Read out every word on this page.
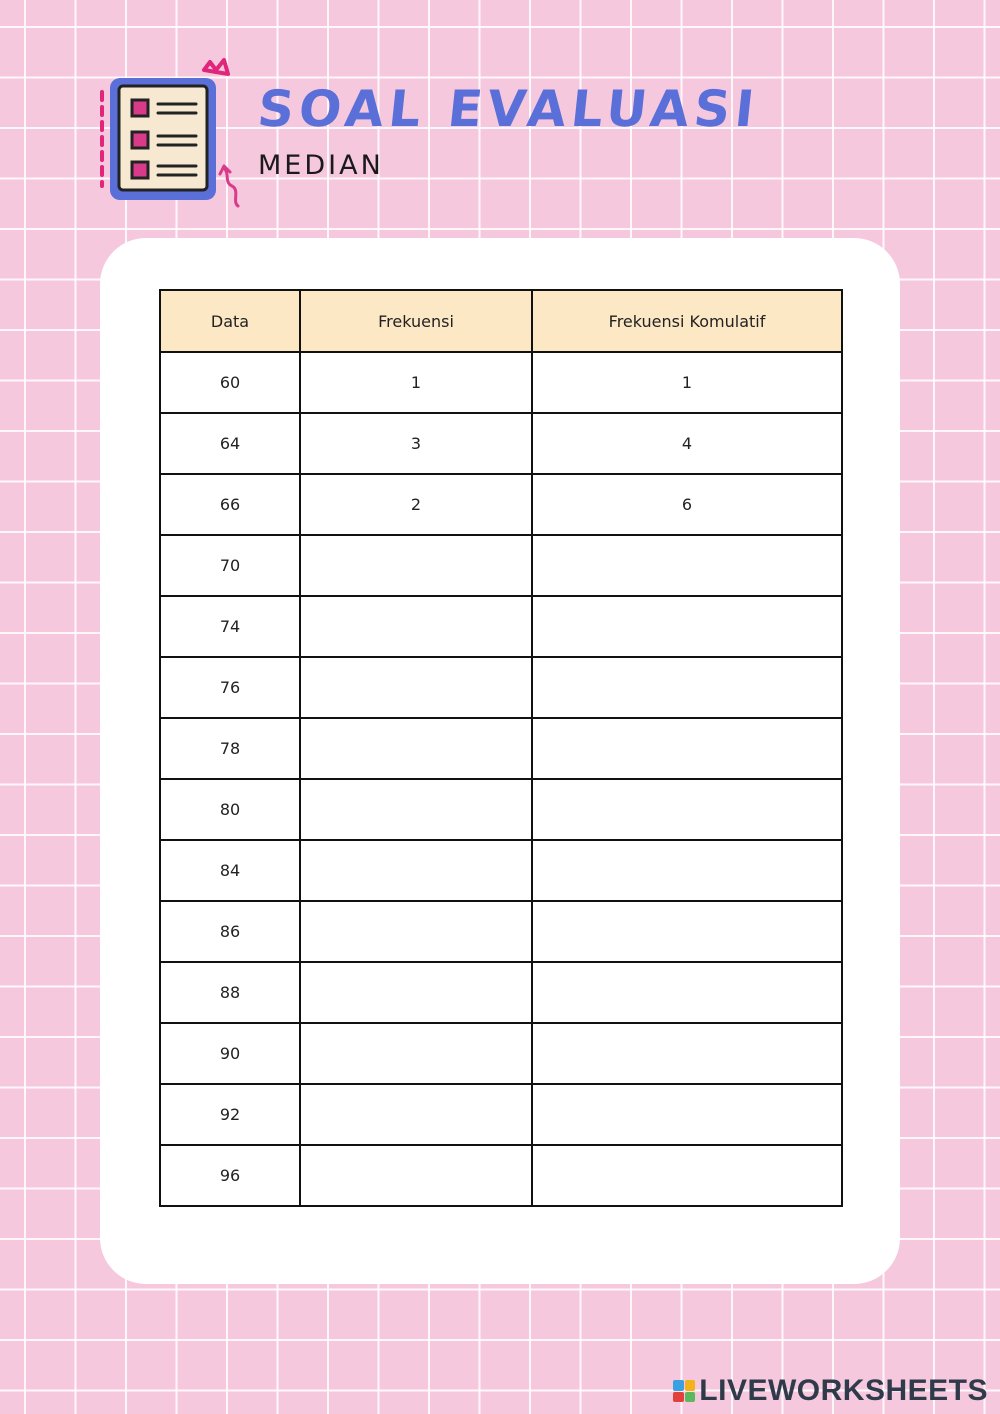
SOAL EVALUASI

MEDIAN

Data	Frekuensi	Frekuensi Komulatif
60	1	1
64	3	4
66	2	6
70		
74		
76		
78		
80		
84		
86		
88		
90		
92		
96		
LIVEWORKSHEETS
